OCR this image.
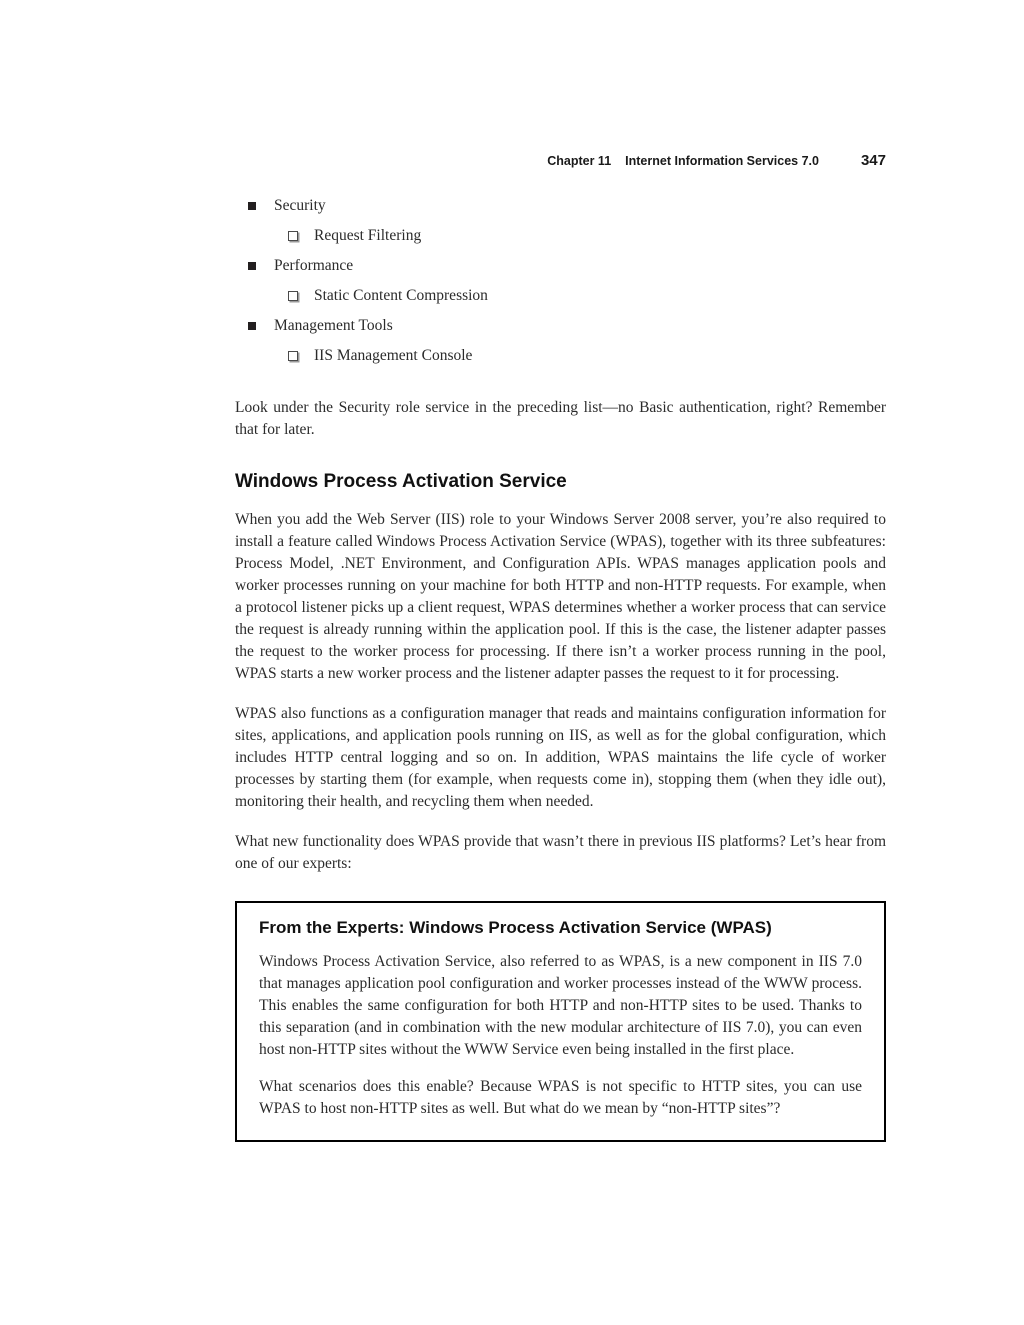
Chapter 11 Internet Information Services 7.0	347
Security
Request Filtering
Performance
Static Content Compression
Management Tools
IIS Management Console

Look under the Security role service in the preceding list—no Basic authentication, right? Remember that for later.

Windows Process Activation Service

When you add the Web Server (IIS) role to your Windows Server 2008 server, you’re also required to install a feature called Windows Process Activation Service (WPAS), together with its three subfeatures: Process Model, .NET Environment, and Configuration APIs. WPAS manages application pools and worker processes running on your machine for both HTTP and non-HTTP requests. For example, when a protocol listener picks up a client request, WPAS determines whether a worker process that can service the request is already running within the application pool. If this is the case, the listener adapter passes the request to the worker process for processing. If there isn’t a worker process running in the pool, WPAS starts a new worker process and the listener adapter passes the request to it for processing.

WPAS also functions as a configuration manager that reads and maintains configuration information for sites, applications, and application pools running on IIS, as well as for the global configuration, which includes HTTP central logging and so on. In addition, WPAS maintains the life cycle of worker processes by starting them (for example, when requests come in), stopping them (when they idle out), monitoring their health, and recycling them when needed.

What new functionality does WPAS provide that wasn’t there in previous IIS platforms? Let’s hear from one of our experts:

From the Experts: Windows Process Activation Service (WPAS)

Windows Process Activation Service, also referred to as WPAS, is a new component in IIS 7.0 that manages application pool configuration and worker processes instead of the WWW process. This enables the same configuration for both HTTP and non-HTTP sites to be used. Thanks to this separation (and in combination with the new modular architecture of IIS 7.0), you can even host non-HTTP sites without the WWW Service even being installed in the first place.

What scenarios does this enable? Because WPAS is not specific to HTTP sites, you can use WPAS to host non-HTTP sites as well. But what do we mean by “non-HTTP sites”?
